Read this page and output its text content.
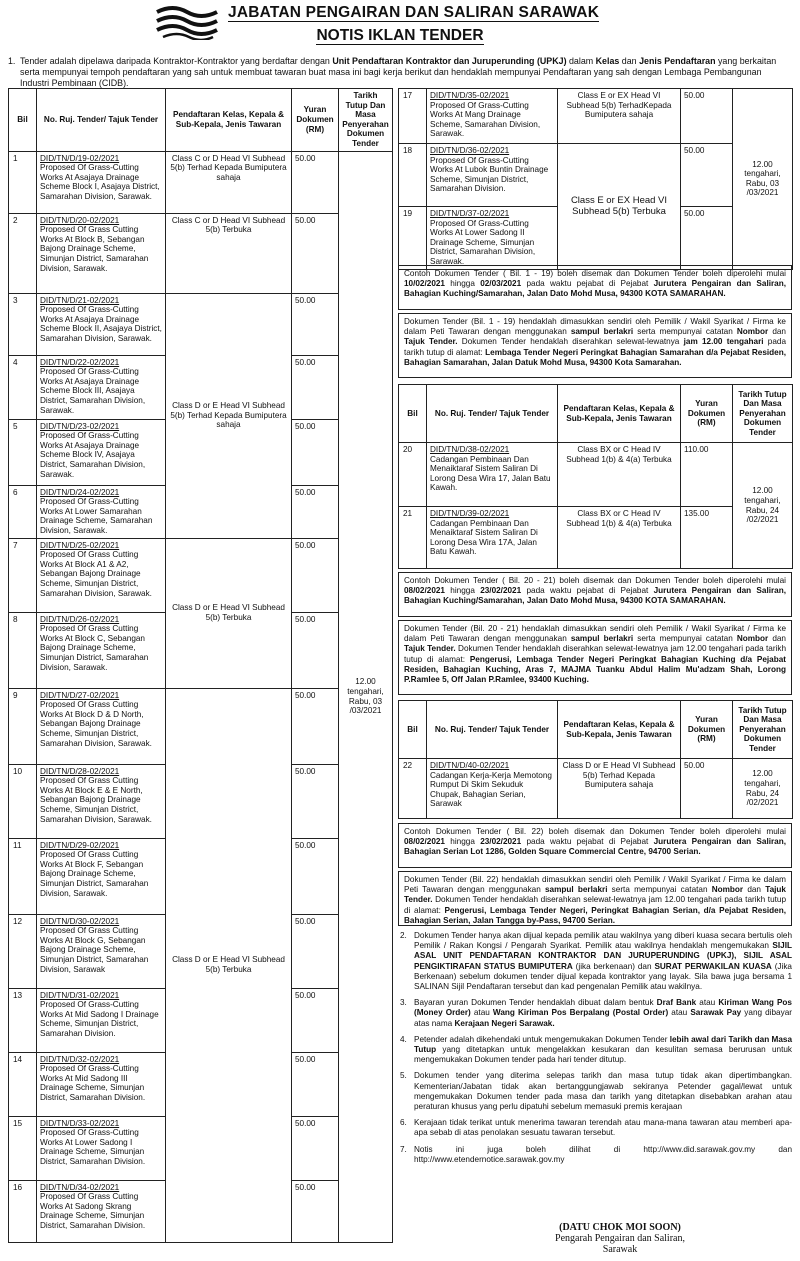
JABATAN PENGAIRAN DAN SALIRAN SARAWAK
NOTIS IKLAN TENDER
1. Tender adalah dipelawa daripada Kontraktor-Kontraktor yang berdaftar dengan Unit Pendaftaran Kontraktor dan Juruperunding (UPKJ) dalam Kelas dan Jenis Pendaftaran yang berkaitan serta mempunyai tempoh pendaftaran yang sah untuk membuat tawaran buat masa ini bagi kerja berikut dan hendaklah mempunyai Pendaftaran yang sah dengan Lembaga Pembangunan Industri Pembinaan (CIDB).
Bil	No. Ruj. Tender/ Tajuk Tender	Pendaftaran Kelas, Kepala & Sub-Kepala, Jenis Tawaran	Yuran Dokumen (RM)	Tarikh Tutup Dan Masa Penyerahan Dokumen Tender
1	DID/TN/D/19-02/2021
Proposed Of Grass-Cutting Works At Asajaya Drainage Scheme Block I, Asajaya District, Samarahan Division, Sarawak.	Class C or D Head VI Subhead 5(b) Terhad Kepada Bumiputera sahaja	50.00	12.00 tengahari, Rabu, 03 /03/2021
2	DID/TN/D/20-02/2021
Proposed Of Grass Cutting Works At Block B, Sebangan Bajong Drainage Scheme, Simunjan District, Samarahan Division, Sarawak.	Class C or D Head VI Subhead 5(b) Terbuka	50.00	
3	DID/TN/D/21-02/2021
Proposed Of Grass-Cutting Works At Asajaya Drainage Scheme Block II, Asajaya District, Samarahan Division, Sarawak.	Class D or E Head VI Subhead 5(b) Terhad Kepada Bumiputera sahaja	50.00	
4	DID/TN/D/22-02/2021
Proposed Of Grass-Cutting Works At Asajaya Drainage Scheme Block III, Asajaya District, Samarahan Division, Sarawak.		50.00	
5	DID/TN/D/23-02/2021
Proposed Of Grass-Cutting Works At Asajaya Drainage Scheme Block IV, Asajaya District, Samarahan Division, Sarawak.		50.00	
6	DID/TN/D/24-02/2021
Proposed Of Grass-Cutting Works At Lower Samarahan Drainage Scheme, Samarahan Division, Sarawak.		50.00	
7	DID/TN/D/25-02/2021
Proposed Of Grass Cutting Works At Block A1 & A2, Sebangan Bajong Drainage Scheme, Simunjan District, Samarahan Division, Sarawak.	Class D or E Head VI Subhead 5(b) Terbuka	50.00	
8	DID/TN/D/26-02/2021
Proposed Of Grass Cutting Works At Block C, Sebangan Bajong Drainage Scheme, Simunjan District, Samarahan Division, Sarawak.		50.00	
9	DID/TN/D/27-02/2021
Proposed Of Grass Cutting Works At Block D & D North, Sebangan Bajong Drainage Scheme, Simunjan District, Samarahan Division, Sarawak.	Class D or E Head VI Subhead 5(b) Terbuka	50.00	
10	DID/TN/D/28-02/2021
Proposed Of Grass Cutting Works At Block E & E North, Sebangan Bajong Drainage Scheme, Simunjan District, Samarahan Division, Sarawak.		50.00	
11	DID/TN/D/29-02/2021
Proposed Of Grass Cutting Works At Block F, Sebangan Bajong Drainage Scheme, Simunjan District, Samarahan Division, Sarawak.		50.00	
12	DID/TN/D/30-02/2021
Proposed Of Grass Cutting Works At Block G, Sebangan Bajong Drainage Scheme, Simunjan District, Samarahan Division, Sarawak		50.00	
13	DID/TN/D/31-02/2021
Proposed Of Grass-Cutting Works At Mid Sadong I Drainage Scheme, Simunjan District, Samarahan Division.		50.00	
14	DID/TN/D/32-02/2021
Proposed Of Grass-Cutting Works At Mid Sadong III Drainage Scheme, Simunjan District, Samarahan Division.		50.00	
15	DID/TN/D/33-02/2021
Proposed Of Grass-Cutting Works At Lower Sadong I Drainage Scheme, Simunjan District, Samarahan Division.		50.00	
16	DID/TN/D/34-02/2021
Proposed Of Grass Cutting Works At Sadong Skrang Drainage Scheme, Simunjan District, Samarahan Division.		50.00	
17	DID/TN/D/35-02/2021
Proposed Of Grass-Cutting Works At Mang Drainage Scheme, Samarahan Division, Sarawak.	Class E or EX Head VI Subhead 5(b) TerhadKepada Bumiputera sahaja	50.00	12.00 tengahari, Rabu, 03 /03/2021
18	DID/TN/D/36-02/2021
Proposed Of Grass-Cutting Works At Lubok Buntin Drainage Scheme, Simunjan District, Samarahan Division.	Class E or EX Head VI Subhead 5(b) Terbuka	50.00	
19	DID/TN/D/37-02/2021
Proposed Of Grass-Cutting Works At Lower Sadong II Drainage Scheme, Simunjan District, Samarahan Division, Sarawak.		50.00	
Contoh Dokumen Tender ( Bil. 1 - 19) boleh disemak dan Dokumen Tender boleh diperolehi mulai 10/02/2021 hingga 02/03/2021 pada waktu pejabat di Pejabat Jurutera Pengairan dan Saliran, Bahagian Kuching/Samarahan, Jalan Dato Mohd Musa, 94300 KOTA SAMARAHAN.
Dokumen Tender (Bil. 1 - 19) hendaklah dimasukkan sendiri oleh Pemilik / Wakil Syarikat / Firma ke dalam Peti Tawaran dengan menggunakan sampul berlakri serta mempunyai catatan Nombor dan Tajuk Tender. Dokumen Tender hendaklah diserahkan selewat-lewatnya jam 12.00 tengahari pada tarikh tutup di alamat: Lembaga Tender Negeri Peringkat Bahagian Samarahan d/a Pejabat Residen, Bahagian Samarahan, Jalan Datuk Mohd Musa, 94300 Kota Samarahan.
Bil	No. Ruj. Tender/ Tajuk Tender	Pendaftaran Kelas, Kepala & Sub-Kepala, Jenis Tawaran	Yuran Dokumen (RM)	Tarikh Tutup Dan Masa Penyerahan Dokumen Tender
20	DID/TN/D/38-02/2021
Cadangan Pembinaan Dan Menaiktaraf Sistem Saliran Di Lorong Desa Wira 17, Jalan Batu Kawah.	Class BX or C Head IV Subhead 1(b) & 4(a) Terbuka	110.00	12.00 tengahari, Rabu, 24 /02/2021
21	DID/TN/D/39-02/2021
Cadangan Pembinaan Dan Menaiktaraf Sistem Saliran Di Lorong Desa Wira 17A, Jalan Batu Kawah.	Class BX or C Head IV Subhead 1(b) & 4(a) Terbuka	135.00	
Contoh Dokumen Tender ( Bil. 20 - 21) boleh disemak dan Dokumen Tender boleh diperolehi mulai 08/02/2021 hingga 23/02/2021 pada waktu pejabat di Pejabat Jurutera Pengairan dan Saliran, Bahagian Kuching/Samarahan, Jalan Dato Mohd Musa, 94300 KOTA SAMARAHAN.
Dokumen Tender (Bil. 20 - 21) hendaklah dimasukkan sendiri oleh Pemilik / Wakil Syarikat / Firma ke dalam Peti Tawaran dengan menggunakan sampul berlakri serta mempunyai catatan Nombor dan Tajuk Tender. Dokumen Tender hendaklah diserahkan selewat-lewatnya jam 12.00 tengahari pada tarikh tutup di alamat: Pengerusi, Lembaga Tender Negeri Peringkat Bahagian Kuching d/a Pejabat Residen, Bahagian Kuching, Aras 7, MAJMA Tuanku Abdul Halim Mu'adzam Shah, Lorong P.Ramlee 5, Off Jalan P.Ramlee, 93400 Kuching.
Bil	No. Ruj. Tender/ Tajuk Tender	Pendaftaran Kelas, Kepala & Sub-Kepala, Jenis Tawaran	Yuran Dokumen (RM)	Tarikh Tutup Dan Masa Penyerahan Dokumen Tender
22	DID/TN/D/40-02/2021
Cadangan Kerja-Kerja Memotong Rumput Di Skim Sekuduk Chupak, Bahagian Serian, Sarawak	Class D or E Head VI Subhead 5(b) Terhad Kepada Bumiputera sahaja	50.00	12.00 tengahari, Rabu, 24 /02/2021
Contoh Dokumen Tender ( Bil. 22) boleh disemak dan Dokumen Tender boleh diperolehi mulai 08/02/2021 hingga 23/02/2021 pada waktu pejabat di Pejabat Jurutera Pengairan dan Saliran, Bahagian Serian Lot 1286, Golden Square Commercial Centre, 94700 Serian.
Dokumen Tender (Bil. 22) hendaklah dimasukkan sendiri oleh Pemilik / Wakil Syarikat / Firma ke dalam Peti Tawaran dengan menggunakan sampul berlakri serta mempunyai catatan Nombor dan Tajuk Tender. Dokumen Tender hendaklah diserahkan selewat-lewatnya jam 12.00 tengahari pada tarikh tutup di alamat: Pengerusi, Lembaga Tender Negeri, Peringkat Bahagian Serian, d/a Pejabat Residen, Bahagian Serian, Jalan Tangga by-Pass, 94700 Serian.
2. Dokumen Tender hanya akan dijual kepada pemilik atau wakilnya yang diberi kuasa secara bertulis oleh Pemilik / Rakan Kongsi / Pengarah Syarikat. Pemilik atau wakilnya hendaklah mengemukakan SIJIL ASAL UNIT PENDAFTARAN KONTRAKTOR DAN JURUPERUNDING (UPKJ), SIJIL ASAL PENGIKTIRAFAN STATUS BUMIPUTERA (jika berkenaan) dan SURAT PERWAKILAN KUASA (Jika Berkenaan) sebelum dokumen tender dijual kepada kontraktor yang layak. Sila bawa juga bersama 1 SALINAN Sijil Pendaftaran tersebut dan kad pengenalan Pemilik atau wakilnya.
3. Bayaran yuran Dokumen Tender hendaklah dibuat dalam bentuk Draf Bank atau Kiriman Wang Pos (Money Order) atau Wang Kiriman Pos Berpalang (Postal Order) atau Sarawak Pay yang dibayar atas nama Kerajaan Negeri Sarawak.
4. Petender adalah dikehendaki untuk mengemukakan Dokumen Tender lebih awal dari Tarikh dan Masa Tutup yang ditetapkan untuk mengelakkan kesukaran dan kesulitan semasa berurusan untuk mengemukakan Dokumen tender pada hari tender ditutup.
5. Dokumen tender yang diterima selepas tarikh dan masa tutup tidak akan dipertimbangkan. Kementerian/Jabatan tidak akan bertanggungjawab sekiranya Petender gagal/lewat untuk mengemukakan Dokumen tender pada masa dan tarikh yang ditetapkan disebabkan arahan atau peraturan khusus yang perlu dipatuhi sebelum memasuki premis kerajaan
6. Kerajaan tidak terikat untuk menerima tawaran terendah atau mana-mana tawaran atau memberi apa-apa sebab di atas penolakan sesuatu tawaran tersebut.
7. Notis ini juga boleh dilihat di http://www.did.sarawak.gov.my dan http://www.etendernotice.sarawak.gov.my
(DATU CHOK MOI SOON)
Pengarah Pengairan dan Saliran,
Sarawak
